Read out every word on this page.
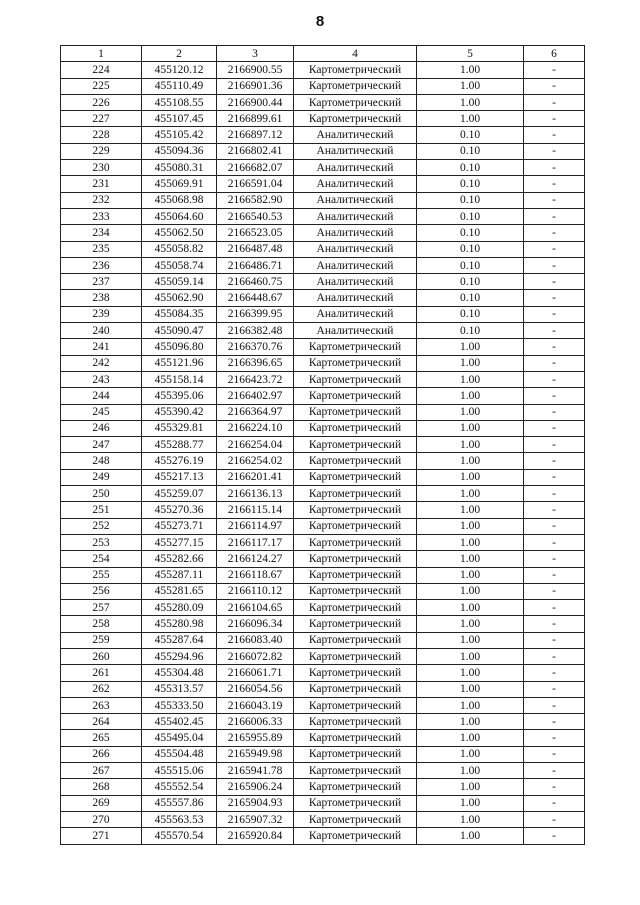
8
1	2	3	4	5	6
224	455120.12	2166900.55	Картометрический	1.00	-
225	455110.49	2166901.36	Картометрический	1.00	-
226	455108.55	2166900.44	Картометрический	1.00	-
227	455107.45	2166899.61	Картометрический	1.00	-
228	455105.42	2166897.12	Аналитический	0.10	-
229	455094.36	2166802.41	Аналитический	0.10	-
230	455080.31	2166682.07	Аналитический	0.10	-
231	455069.91	2166591.04	Аналитический	0.10	-
232	455068.98	2166582.90	Аналитический	0.10	-
233	455064.60	2166540.53	Аналитический	0.10	-
234	455062.50	2166523.05	Аналитический	0.10	-
235	455058.82	2166487.48	Аналитический	0.10	-
236	455058.74	2166486.71	Аналитический	0.10	-
237	455059.14	2166460.75	Аналитический	0.10	-
238	455062.90	2166448.67	Аналитический	0.10	-
239	455084.35	2166399.95	Аналитический	0.10	-
240	455090.47	2166382.48	Аналитический	0.10	-
241	455096.80	2166370.76	Картометрический	1.00	-
242	455121.96	2166396.65	Картометрический	1.00	-
243	455158.14	2166423.72	Картометрический	1.00	-
244	455395.06	2166402.97	Картометрический	1.00	-
245	455390.42	2166364.97	Картометрический	1.00	-
246	455329.81	2166224.10	Картометрический	1.00	-
247	455288.77	2166254.04	Картометрический	1.00	-
248	455276.19	2166254.02	Картометрический	1.00	-
249	455217.13	2166201.41	Картометрический	1.00	-
250	455259.07	2166136.13	Картометрический	1.00	-
251	455270.36	2166115.14	Картометрический	1.00	-
252	455273.71	2166114.97	Картометрический	1.00	-
253	455277.15	2166117.17	Картометрический	1.00	-
254	455282.66	2166124.27	Картометрический	1.00	-
255	455287.11	2166118.67	Картометрический	1.00	-
256	455281.65	2166110.12	Картометрический	1.00	-
257	455280.09	2166104.65	Картометрический	1.00	-
258	455280.98	2166096.34	Картометрический	1.00	-
259	455287.64	2166083.40	Картометрический	1.00	-
260	455294.96	2166072.82	Картометрический	1.00	-
261	455304.48	2166061.71	Картометрический	1.00	-
262	455313.57	2166054.56	Картометрический	1.00	-
263	455333.50	2166043.19	Картометрический	1.00	-
264	455402.45	2166006.33	Картометрический	1.00	-
265	455495.04	2165955.89	Картометрический	1.00	-
266	455504.48	2165949.98	Картометрический	1.00	-
267	455515.06	2165941.78	Картометрический	1.00	-
268	455552.54	2165906.24	Картометрический	1.00	-
269	455557.86	2165904.93	Картометрический	1.00	-
270	455563.53	2165907.32	Картометрический	1.00	-
271	455570.54	2165920.84	Картометрический	1.00	-
